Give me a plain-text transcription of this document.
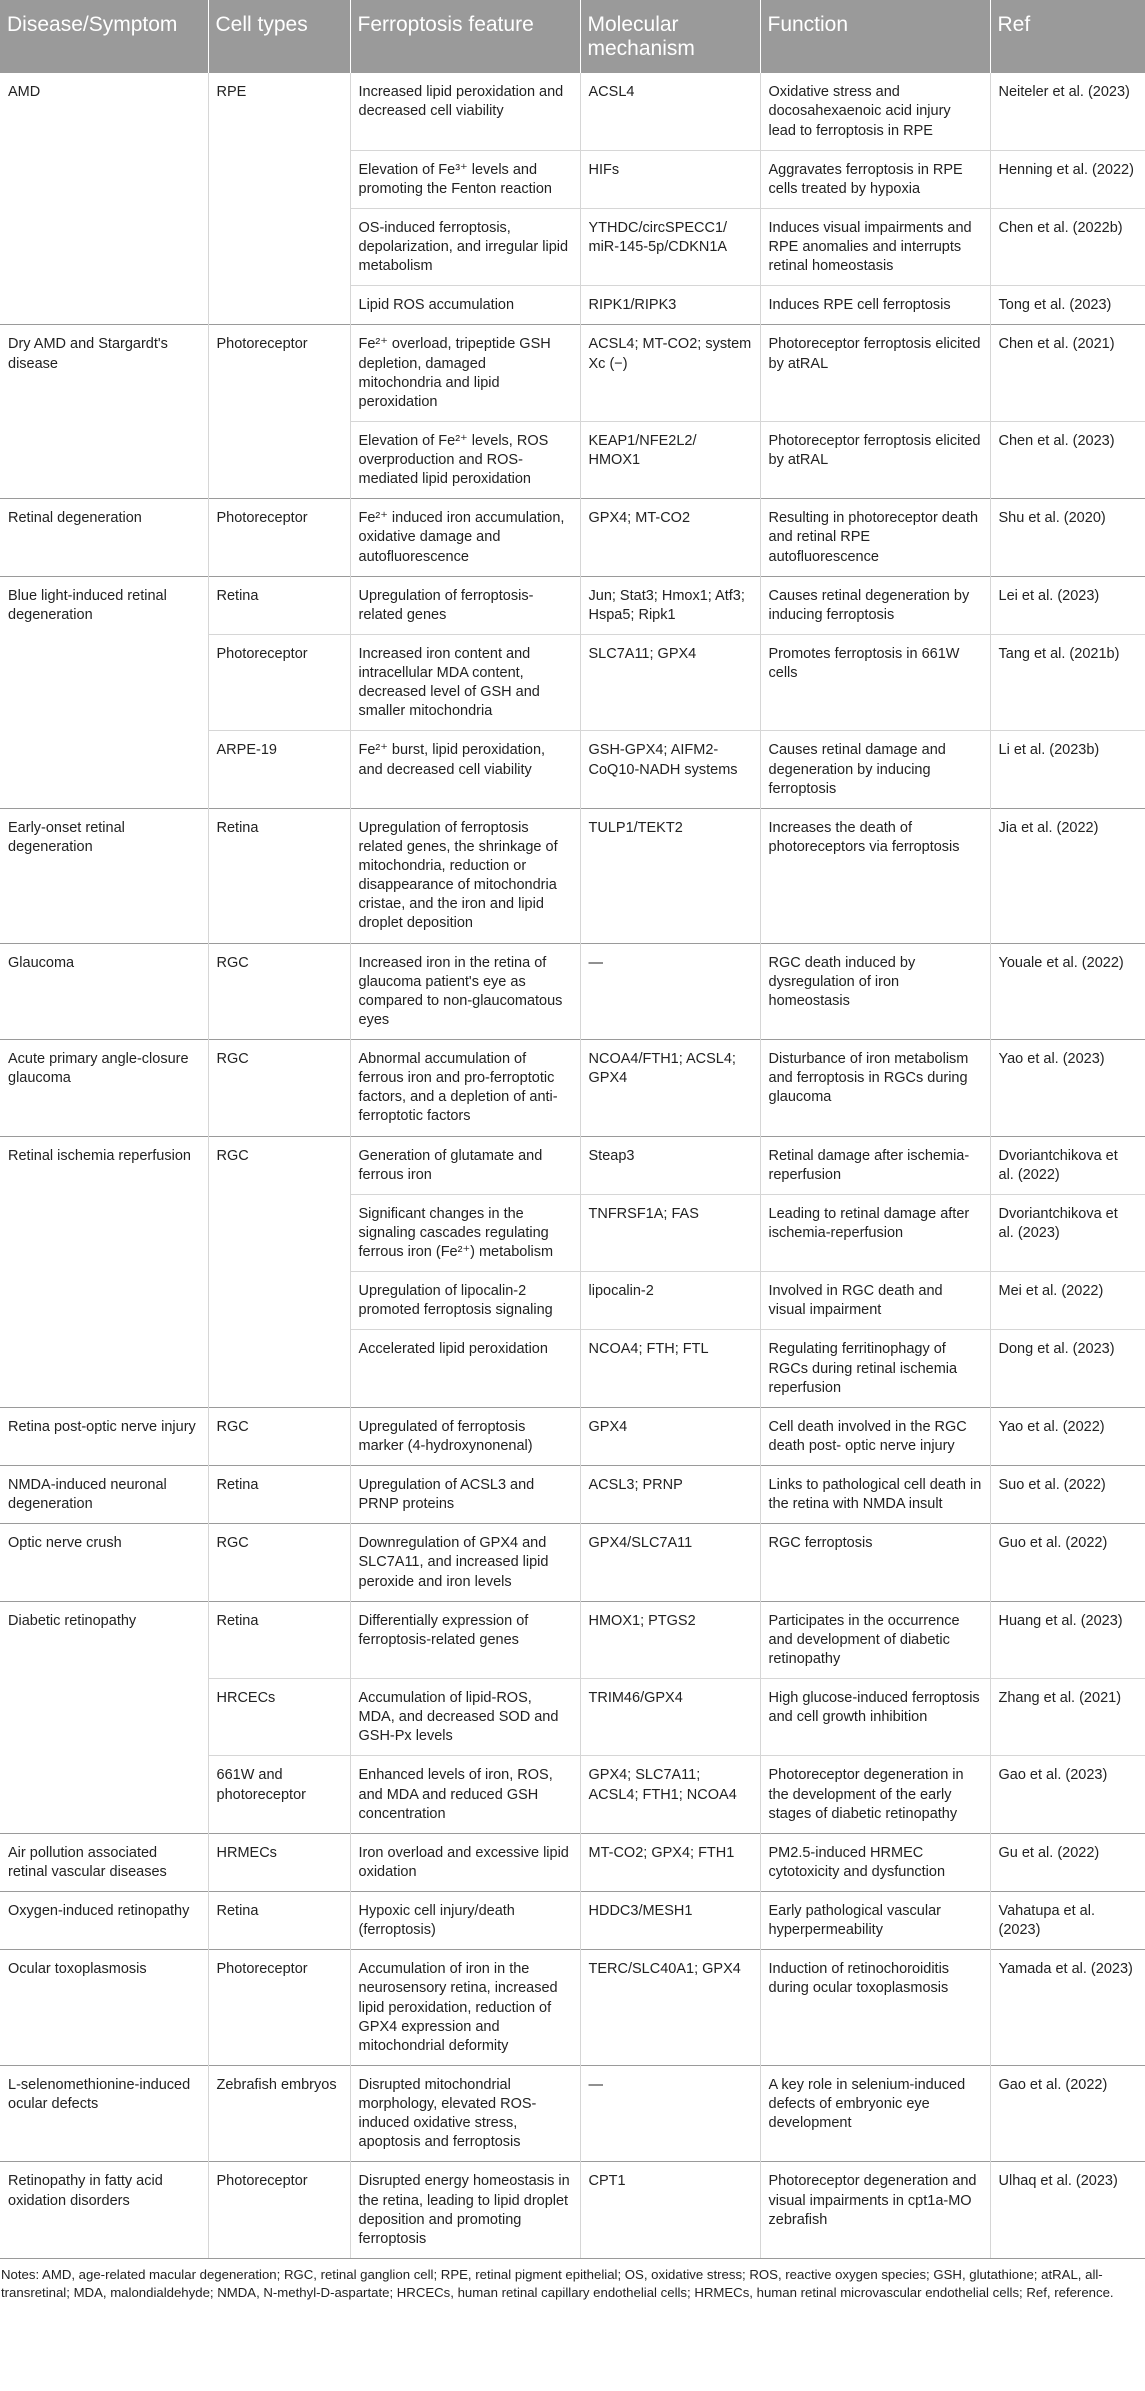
Disease/Symptom	Cell types	Ferroptosis feature	Molecular mechanism	Function	Ref
AMD	RPE	Increased lipid peroxidation and decreased cell viability	ACSL4	Oxidative stress and docosahexaenoic acid injury lead to ferroptosis in RPE	Neiteler et al. (2023)
		Elevation of Fe³⁺ levels and promoting the Fenton reaction	HIFs	Aggravates ferroptosis in RPE cells treated by hypoxia	Henning et al. (2022)
		OS-induced ferroptosis, depolarization, and irregular lipid metabolism	YTHDC/circSPECC1/ miR-145-5p/CDKN1A	Induces visual impairments and RPE anomalies and interrupts retinal homeostasis	Chen et al. (2022b)
		Lipid ROS accumulation	RIPK1/RIPK3	Induces RPE cell ferroptosis	Tong et al. (2023)
Dry AMD and Stargardt's disease	Photoreceptor	Fe²⁺ overload, tripeptide GSH depletion, damaged mitochondria and lipid peroxidation	ACSL4; MT-CO2; system Xc (−)	Photoreceptor ferroptosis elicited by atRAL	Chen et al. (2021)
		Elevation of Fe²⁺ levels, ROS overproduction and ROS-mediated lipid peroxidation	KEAP1/NFE2L2/ HMOX1	Photoreceptor ferroptosis elicited by atRAL	Chen et al. (2023)
Retinal degeneration	Photoreceptor	Fe²⁺ induced iron accumulation, oxidative damage and autofluorescence	GPX4; MT-CO2	Resulting in photoreceptor death and retinal RPE autofluorescence	Shu et al. (2020)
Blue light-induced retinal degeneration	Retina	Upregulation of ferroptosis-related genes	Jun; Stat3; Hmox1; Atf3; Hspa5; Ripk1	Causes retinal degeneration by inducing ferroptosis	Lei et al. (2023)
	Photoreceptor	Increased iron content and intracellular MDA content, decreased level of GSH and smaller mitochondria	SLC7A11; GPX4	Promotes ferroptosis in 661W cells	Tang et al. (2021b)
	ARPE-19	Fe²⁺ burst, lipid peroxidation, and decreased cell viability	GSH-GPX4; AIFM2-CoQ10-NADH systems	Causes retinal damage and degeneration by inducing ferroptosis	Li et al. (2023b)
Early-onset retinal degeneration	Retina	Upregulation of ferroptosis related genes, the shrinkage of mitochondria, reduction or disappearance of mitochondria cristae, and the iron and lipid droplet deposition	TULP1/TEKT2	Increases the death of photoreceptors via ferroptosis	Jia et al. (2022)
Glaucoma	RGC	Increased iron in the retina of glaucoma patient's eye as compared to non-glaucomatous eyes	—	RGC death induced by dysregulation of iron homeostasis	Youale et al. (2022)
Acute primary angle-closure glaucoma	RGC	Abnormal accumulation of ferrous iron and pro-ferroptotic factors, and a depletion of anti-ferroptotic factors	NCOA4/FTH1; ACSL4; GPX4	Disturbance of iron metabolism and ferroptosis in RGCs during glaucoma	Yao et al. (2023)
Retinal ischemia reperfusion	RGC	Generation of glutamate and ferrous iron	Steap3	Retinal damage after ischemia-reperfusion	Dvoriantchikova et al. (2022)
		Significant changes in the signaling cascades regulating ferrous iron (Fe²⁺) metabolism	TNFRSF1A; FAS	Leading to retinal damage after ischemia-reperfusion	Dvoriantchikova et al. (2023)
		Upregulation of lipocalin-2 promoted ferroptosis signaling	lipocalin-2	Involved in RGC death and visual impairment	Mei et al. (2022)
		Accelerated lipid peroxidation	NCOA4; FTH; FTL	Regulating ferritinophagy of RGCs during retinal ischemia reperfusion	Dong et al. (2023)
Retina post-optic nerve injury	RGC	Upregulated of ferroptosis marker (4-hydroxynonenal)	GPX4	Cell death involved in the RGC death post- optic nerve injury	Yao et al. (2022)
NMDA-induced neuronal degeneration	Retina	Upregulation of ACSL3 and PRNP proteins	ACSL3; PRNP	Links to pathological cell death in the retina with NMDA insult	Suo et al. (2022)
Optic nerve crush	RGC	Downregulation of GPX4 and SLC7A11, and increased lipid peroxide and iron levels	GPX4/SLC7A11	RGC ferroptosis	Guo et al. (2022)
Diabetic retinopathy	Retina	Differentially expression of ferroptosis-related genes	HMOX1; PTGS2	Participates in the occurrence and development of diabetic retinopathy	Huang et al. (2023)
	HRCECs	Accumulation of lipid-ROS, MDA, and decreased SOD and GSH-Px levels	TRIM46/GPX4	High glucose-induced ferroptosis and cell growth inhibition	Zhang et al. (2021)
	661W and photoreceptor	Enhanced levels of iron, ROS, and MDA and reduced GSH concentration	GPX4; SLC7A11; ACSL4; FTH1; NCOA4	Photoreceptor degeneration in the development of the early stages of diabetic retinopathy	Gao et al. (2023)
Air pollution associated retinal vascular diseases	HRMECs	Iron overload and excessive lipid oxidation	MT-CO2; GPX4; FTH1	PM2.5-induced HRMEC cytotoxicity and dysfunction	Gu et al. (2022)
Oxygen-induced retinopathy	Retina	Hypoxic cell injury/death (ferroptosis)	HDDC3/MESH1	Early pathological vascular hyperpermeability	Vahatupa et al. (2023)
Ocular toxoplasmosis	Photoreceptor	Accumulation of iron in the neurosensory retina, increased lipid peroxidation, reduction of GPX4 expression and mitochondrial deformity	TERC/SLC40A1; GPX4	Induction of retinochoroiditis during ocular toxoplasmosis	Yamada et al. (2023)
L-selenomethionine-induced ocular defects	Zebrafish embryos	Disrupted mitochondrial morphology, elevated ROS-induced oxidative stress, apoptosis and ferroptosis	—	A key role in selenium-induced defects of embryonic eye development	Gao et al. (2022)
Retinopathy in fatty acid oxidation disorders	Photoreceptor	Disrupted energy homeostasis in the retina, leading to lipid droplet deposition and promoting ferroptosis	CPT1	Photoreceptor degeneration and visual impairments in cpt1a-MO zebrafish	Ulhaq et al. (2023)
Notes: AMD, age-related macular degeneration; RGC, retinal ganglion cell; RPE, retinal pigment epithelial; OS, oxidative stress; ROS, reactive oxygen species; GSH, glutathione; atRAL, all-transretinal; MDA, malondialdehyde; NMDA, N-methyl-D-aspartate; HRCECs, human retinal capillary endothelial cells; HRMECs, human retinal microvascular endothelial cells; Ref, reference.
